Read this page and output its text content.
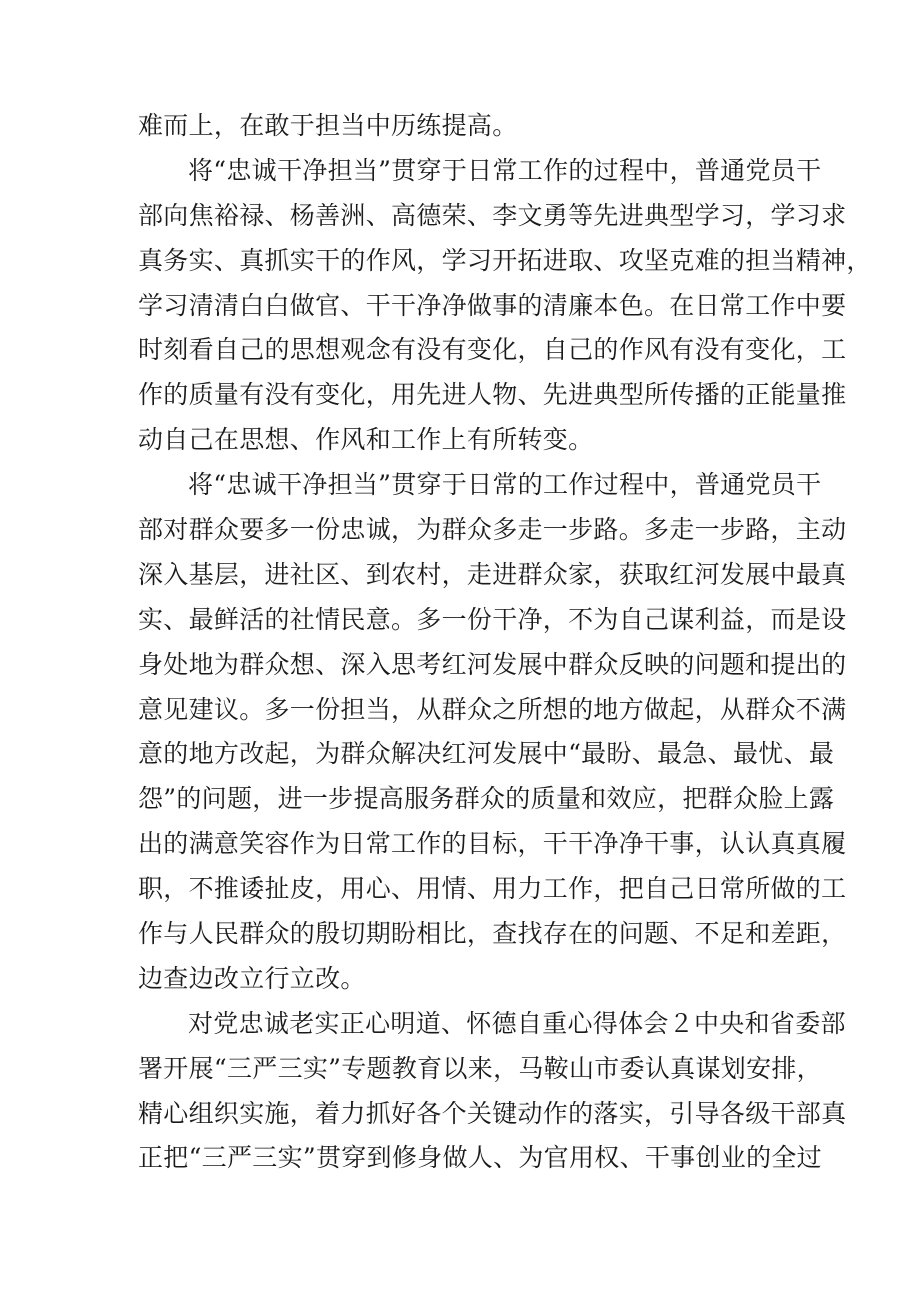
难而上，在敢于担当中历练提高。
将“忠诚干净担当”贯穿于日常工作的过程中，普通党员干
部向焦裕禄、杨善洲、高德荣、李文勇等先进典型学习，学习求
真务实、真抓实干的作风，学习开拓进取、攻坚克难的担当精神，
学习清清白白做官、干干净净做事的清廉本色。在日常工作中要
时刻看自己的思想观念有没有变化，自己的作风有没有变化，工
作的质量有没有变化，用先进人物、先进典型所传播的正能量推
动自己在思想、作风和工作上有所转变。
将“忠诚干净担当”贯穿于日常的工作过程中，普通党员干
部对群众要多一份忠诚，为群众多走一步路。多走一步路，主动
深入基层，进社区、到农村，走进群众家，获取红河发展中最真
实、最鲜活的社情民意。多一份干净，不为自己谋利益，而是设
身处地为群众想、深入思考红河发展中群众反映的问题和提出的
意见建议。多一份担当，从群众之所想的地方做起，从群众不满
意的地方改起，为群众解决红河发展中“最盼、最急、最忧、最
怨”的问题，进一步提高服务群众的质量和效应，把群众脸上露
出的满意笑容作为日常工作的目标，干干净净干事，认认真真履
职，不推诿扯皮，用心、用情、用力工作，把自己日常所做的工
作与人民群众的殷切期盼相比，查找存在的问题、不足和差距，
边查边改立行立改。
对党忠诚老实正心明道、怀德自重心得体会２中央和省委部
署开展“三严三实”专题教育以来，马鞍山市委认真谋划安排，
精心组织实施，着力抓好各个关键动作的落实，引导各级干部真
正把“三严三实”贯穿到修身做人、为官用权、干事创业的全过
